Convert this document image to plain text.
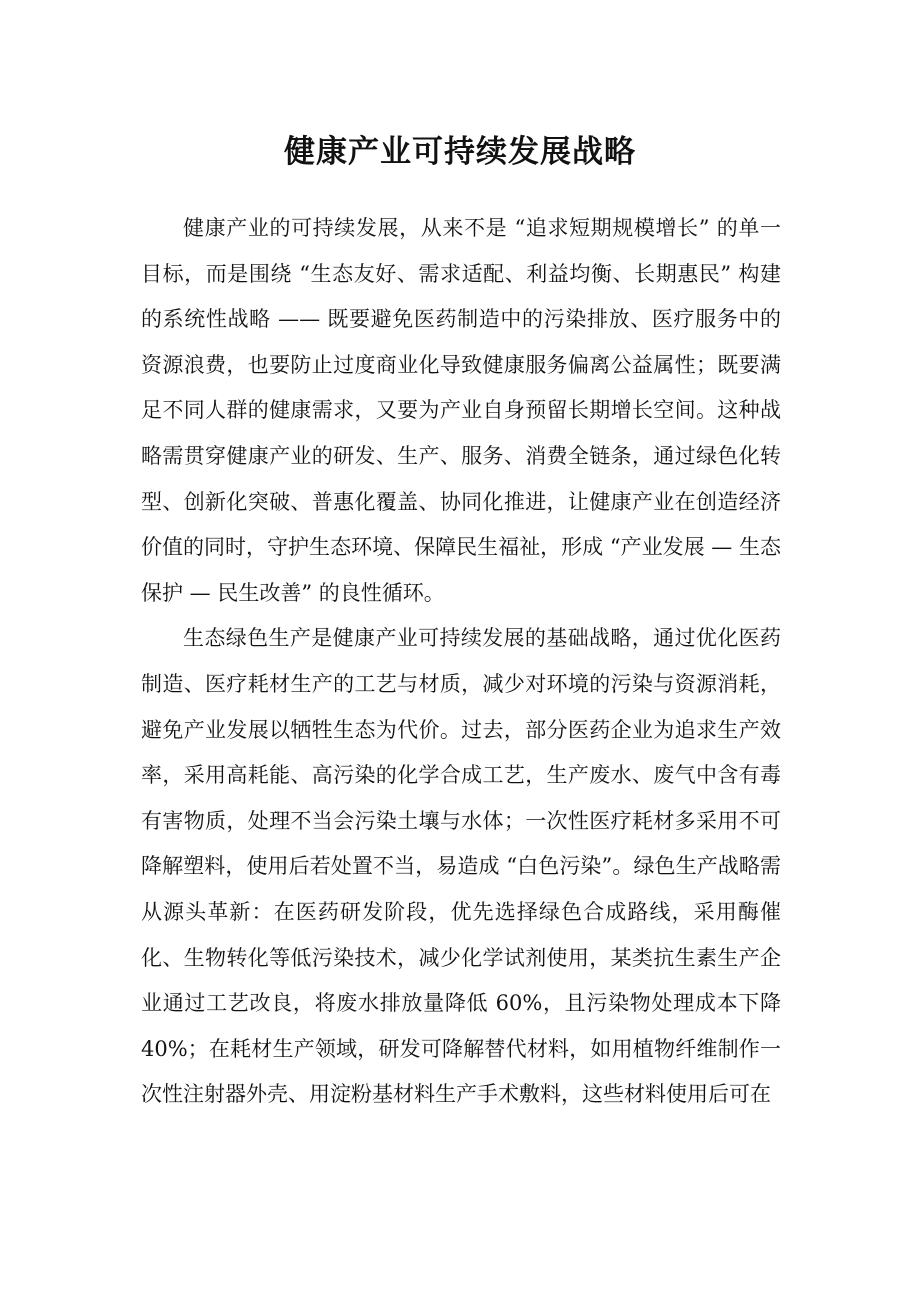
健康产业可持续发展战略

健康产业的可持续发展，从来不是 “追求短期规模增长” 的单一目标，而是围绕 “生态友好、需求适配、利益均衡、长期惠民” 构建的系统性战略 —— 既要避免医药制造中的污染排放、医疗服务中的资源浪费，也要防止过度商业化导致健康服务偏离公益属性；既要满足不同人群的健康需求，又要为产业自身预留长期增长空间。这种战略需贯穿健康产业的研发、生产、服务、消费全链条，通过绿色化转型、创新化突破、普惠化覆盖、协同化推进，让健康产业在创造经济价值的同时，守护生态环境、保障民生福祉，形成 “产业发展 — 生态保护 — 民生改善” 的良性循环。

生态绿色生产是健康产业可持续发展的基础战略，通过优化医药制造、医疗耗材生产的工艺与材质，减少对环境的污染与资源消耗，避免产业发展以牺牲生态为代价。过去，部分医药企业为追求生产效率，采用高耗能、高污染的化学合成工艺，生产废水、废气中含有毒有害物质，处理不当会污染土壤与水体；一次性医疗耗材多采用不可降解塑料，使用后若处置不当，易造成 “白色污染”。绿色生产战略需从源头革新：在医药研发阶段，优先选择绿色合成路线，采用酶催化、生物转化等低污染技术，减少化学试剂使用，某类抗生素生产企业通过工艺改良，将废水排放量降低 60%，且污染物处理成本下降 40%；在耗材生产领域，研发可降解替代材料，如用植物纤维制作一次性注射器外壳、用淀粉基材料生产手术敷料，这些材料使用后可在
